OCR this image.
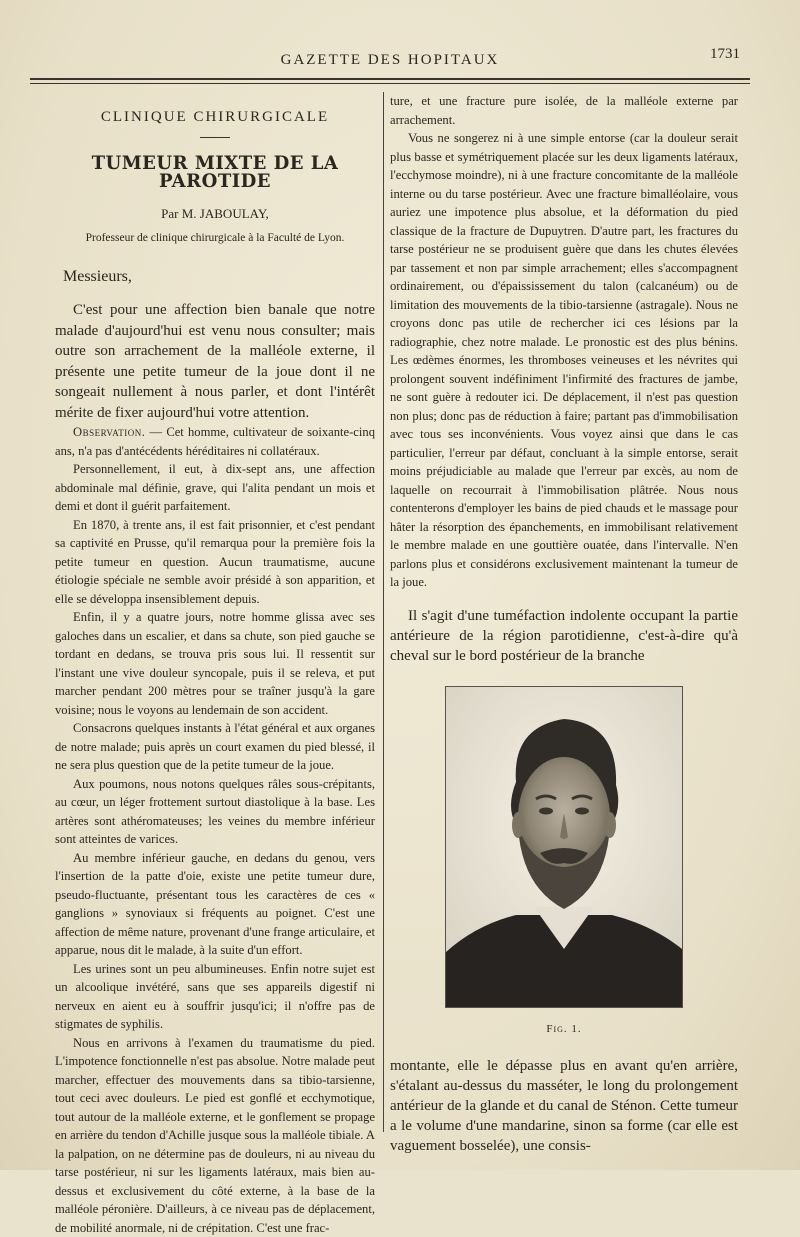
GAZETTE DES HOPITAUX	1731
CLINIQUE CHIRURGICALE
TUMEUR MIXTE DE LA PAROTIDE
Par M. JABOULAY,
Professeur de clinique chirurgicale à la Faculté de Lyon.
Messieurs,

C'est pour une affection bien banale que notre malade d'aujourd'hui est venu nous consulter; mais outre son arrachement de la malléole externe, il présente une petite tumeur de la joue dont il ne songeait nullement à nous parler, et dont l'intérêt mérite de fixer aujourd'hui votre attention.

Observation. — Cet homme, cultivateur de soixante-cinq ans, n'a pas d'antécédents héréditaires ni collatéraux.

Personnellement, il eut, à dix-sept ans, une affection abdominale mal définie, grave, qui l'alita pendant un mois et demi et dont il guérit parfaitement.

En 1870, à trente ans, il est fait prisonnier, et c'est pendant sa captivité en Prusse, qu'il remarqua pour la première fois la petite tumeur en question. Aucun traumatisme, aucune étiologie spéciale ne semble avoir présidé à son apparition, et elle se développa insensiblement depuis.

Enfin, il y a quatre jours, notre homme glissa avec ses galoches dans un escalier, et dans sa chute, son pied gauche se tordant en dedans, se trouva pris sous lui. Il ressentit sur l'instant une vive douleur syncopale, puis il se releva, et put marcher pendant 200 mètres pour se traîner jusqu'à la gare voisine; nous le voyons au lendemain de son accident.

Consacrons quelques instants à l'état général et aux organes de notre malade; puis après un court examen du pied blessé, il ne sera plus question que de la petite tumeur de la joue.

Aux poumons, nous notons quelques râles sous-crépitants, au cœur, un léger frottement surtout diastolique à la base. Les artères sont athéromateuses; les veines du membre inférieur sont atteintes de varices.

Au membre inférieur gauche, en dedans du genou, vers l'insertion de la patte d'oie, existe une petite tumeur dure, pseudo-fluctuante, présentant tous les caractères de ces « ganglions » synoviaux si fréquents au poignet. C'est une affection de même nature, provenant d'une frange articulaire, et apparue, nous dit le malade, à la suite d'un effort.

Les urines sont un peu albumineuses. Enfin notre sujet est un alcoolique invétéré, sans que ses appareils digestif ni nerveux en aient eu à souffrir jusqu'ici; il n'offre pas de stigmates de syphilis.

Nous en arrivons à l'examen du traumatisme du pied. L'impotence fonctionnelle n'est pas absolue. Notre malade peut marcher, effectuer des mouvements dans sa tibio-tarsienne, tout ceci avec douleurs. Le pied est gonflé et ecchymotique, tout autour de la malléole externe, et le gonflement se propage en arrière du tendon d'Achille jusque sous la malléole tibiale. A la palpation, on ne détermine pas de douleurs, ni au niveau du tarse postérieur, ni sur les ligaments latéraux, mais bien au-dessus et exclusivement du côté externe, à la base de la malléole péronière. D'ailleurs, à ce niveau pas de déplacement, de mobilité anormale, ni de crépitation. C'est une frac-

ture, et une fracture pure isolée, de la malléole externe par arrachement.

Vous ne songerez ni à une simple entorse (car la douleur serait plus basse et symétriquement placée sur les deux ligaments latéraux, l'ecchymose moindre), ni à une fracture concomitante de la malléole interne ou du tarse postérieur. Avec une fracture bimalléolaire, vous auriez une impotence plus absolue, et la déformation du pied classique de la fracture de Dupuytren. D'autre part, les fractures du tarse postérieur ne se produisent guère que dans les chutes élevées par tassement et non par simple arrachement; elles s'accompagnent ordinairement, ou d'épaississement du talon (calcanéum) ou de limitation des mouvements de la tibio-tarsienne (astragale). Nous ne croyons donc pas utile de rechercher ici ces lésions par la radiographie, chez notre malade. Le pronostic est des plus bénins. Les œdèmes énormes, les thromboses veineuses et les névrites qui prolongent souvent indéfiniment l'infirmité des fractures de jambe, ne sont guère à redouter ici. De déplacement, il n'est pas question non plus; donc pas de réduction à faire; partant pas d'immobilisation avec tous ses inconvénients. Vous voyez ainsi que dans le cas particulier, l'erreur par défaut, concluant à la simple entorse, serait moins préjudiciable au malade que l'erreur par excès, au nom de laquelle on recourrait à l'immobilisation plâtrée. Nous nous contenterons d'employer les bains de pied chauds et le massage pour hâter la résorption des épanchements, en immobilisant relativement le membre malade en une gouttière ouatée, dans l'intervalle. N'en parlons plus et considérons exclusivement maintenant la tumeur de la joue.

Il s'agit d'une tuméfaction indolente occupant la partie antérieure de la région parotidienne, c'est-à-dire qu'à cheval sur le bord postérieur de la branche

Fig. 1.

montante, elle le dépasse plus en avant qu'en arrière, s'étalant au-dessus du masséter, le long du prolongement antérieur de la glande et du canal de Sténon. Cette tumeur a le volume d'une mandarine, sinon sa forme (car elle est vaguement bosselée), une consis-
